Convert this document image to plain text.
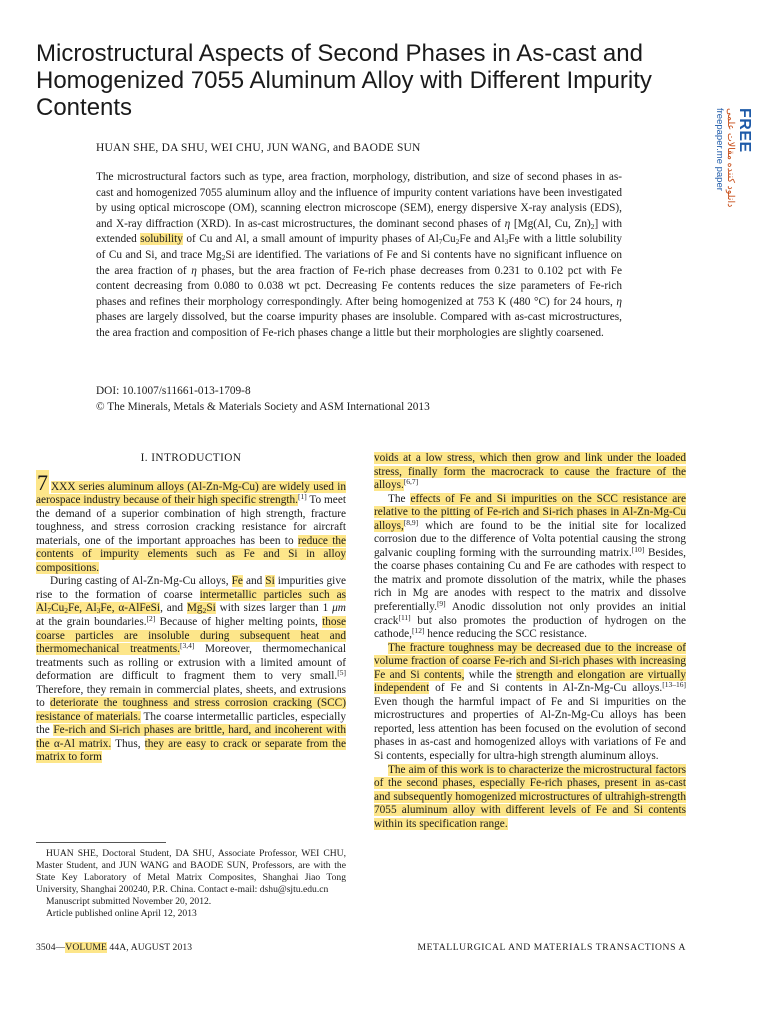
Microstructural Aspects of Second Phases in As-cast and Homogenized 7055 Aluminum Alloy with Different Impurity Contents
HUAN SHE, DA SHU, WEI CHU, JUN WANG, and BAODE SUN

The microstructural factors such as type, area fraction, morphology, distribution, and size of second phases in as-cast and homogenized 7055 aluminum alloy and the influence of impurity content variations have been investigated by using optical microscope (OM), scanning electron microscope (SEM), energy dispersive X-ray analysis (EDS), and X-ray diffraction (XRD). In as-cast microstructures, the dominant second phases of η [Mg(Al, Cu, $Zn)_2$] with extended solubility of Cu and Al, a small amount of impurity phases of $Al_7Cu_2Fe$ and $Al_3Fe$ with a little solubility of Cu and Si, and trace $Mg_2Si$ are identified. The variations of Fe and Si contents have no significant influence on the area fraction of η phases, but the area fraction of Fe-rich phase decreases from 0.231 to 0.102 pct with Fe content decreasing from 0.080 to 0.038 wt pct. Decreasing Fe contents reduces the size parameters of Fe-rich phases and refines their morphology correspondingly. After being homogenized at 753 K (480 °C) for 24 hours, η phases are largely dissolved, but the coarse impurity phases are insoluble. Compared with as-cast microstructures, the area fraction and composition of Fe-rich phases change a little but their morphologies are slightly coarsened.

DOI: 10.1007/s11661-013-1709-8
© The Minerals, Metals & Materials Society and ASM International 2013

I. INTRODUCTION

7 XXX series aluminum alloys (Al-Zn-Mg-Cu) are widely used in aerospace industry because of their high specific strength.[1] To meet the demand of a superior combination of high strength, fracture toughness, and stress corrosion cracking resistance for aircraft materials, one of the important approaches has been to reduce the contents of impurity elements such as Fe and Si in alloy compositions.

During casting of Al-Zn-Mg-Cu alloys, Fe and Si impurities give rise to the formation of coarse intermetallic particles such as $Al_7Cu_2Fe$, $Al_3Fe$, α-AlFeSi, and $Mg_2Si$ with sizes larger than 1 μm at the grain boundaries.[2] Because of higher melting points, those coarse particles are insoluble during subsequent heat and thermomechanical treatments.[3,4] Moreover, thermomechanical treatments such as rolling or extrusion with a limited amount of deformation are difficult to fragment them to very small.[5] Therefore, they remain in commercial plates, sheets, and extrusions to deteriorate the toughness and stress corrosion cracking (SCC) resistance of materials. The coarse intermetallic particles, especially the Fe-rich and Si-rich phases are brittle, hard, and incoherent with the α-Al matrix. Thus, they are easy to crack or separate from the matrix to form

voids at a low stress, which then grow and link under the loaded stress, finally form the macrocrack to cause the fracture of the alloys.[6,7]

The effects of Fe and Si impurities on the SCC resistance are relative to the pitting of Fe-rich and Si-rich phases in Al-Zn-Mg-Cu alloys,[8,9] which are found to be the initial site for localized corrosion due to the difference of Volta potential causing the strong galvanic coupling forming with the surrounding matrix.[10] Besides, the coarse phases containing Cu and Fe are cathodes with respect to the matrix and promote dissolution of the matrix, while the phases rich in Mg are anodes with respect to the matrix and dissolve preferentially.[9] Anodic dissolution not only provides an initial crack[11] but also promotes the production of hydrogen on the cathode,[12] hence reducing the SCC resistance.

The fracture toughness may be decreased due to the increase of volume fraction of coarse Fe-rich and Si-rich phases with increasing Fe and Si contents, while the strength and elongation are virtually independent of Fe and Si contents in Al-Zn-Mg-Cu alloys.[13–16] Even though the harmful impact of Fe and Si impurities on the microstructures and properties of Al-Zn-Mg-Cu alloys has been reported, less attention has been focused on the evolution of second phases in as-cast and homogenized alloys with variations of Fe and Si contents, especially for ultra-high strength aluminum alloys.

The aim of this work is to characterize the microstructural factors of the second phases, especially Fe-rich phases, present in as-cast and subsequently homogenized microstructures of ultrahigh-strength 7055 aluminum alloy with different levels of Fe and Si contents within its specification range.

HUAN SHE, Doctoral Student, DA SHU, Associate Professor, WEI CHU, Master Student, and JUN WANG and BAODE SUN, Professors, are with the State Key Laboratory of Metal Matrix Composites, Shanghai Jiao Tong University, Shanghai 200240, P.R. China. Contact e-mail: dshu@sjtu.edu.cn

Manuscript submitted November 20, 2012.

Article published online April 12, 2013

3504—VOLUME 44A, AUGUST 2013	METALLURGICAL AND MATERIALS TRANSACTIONS A
FREE
دانلود کننده مقالات علمی
freepaper.me paper
